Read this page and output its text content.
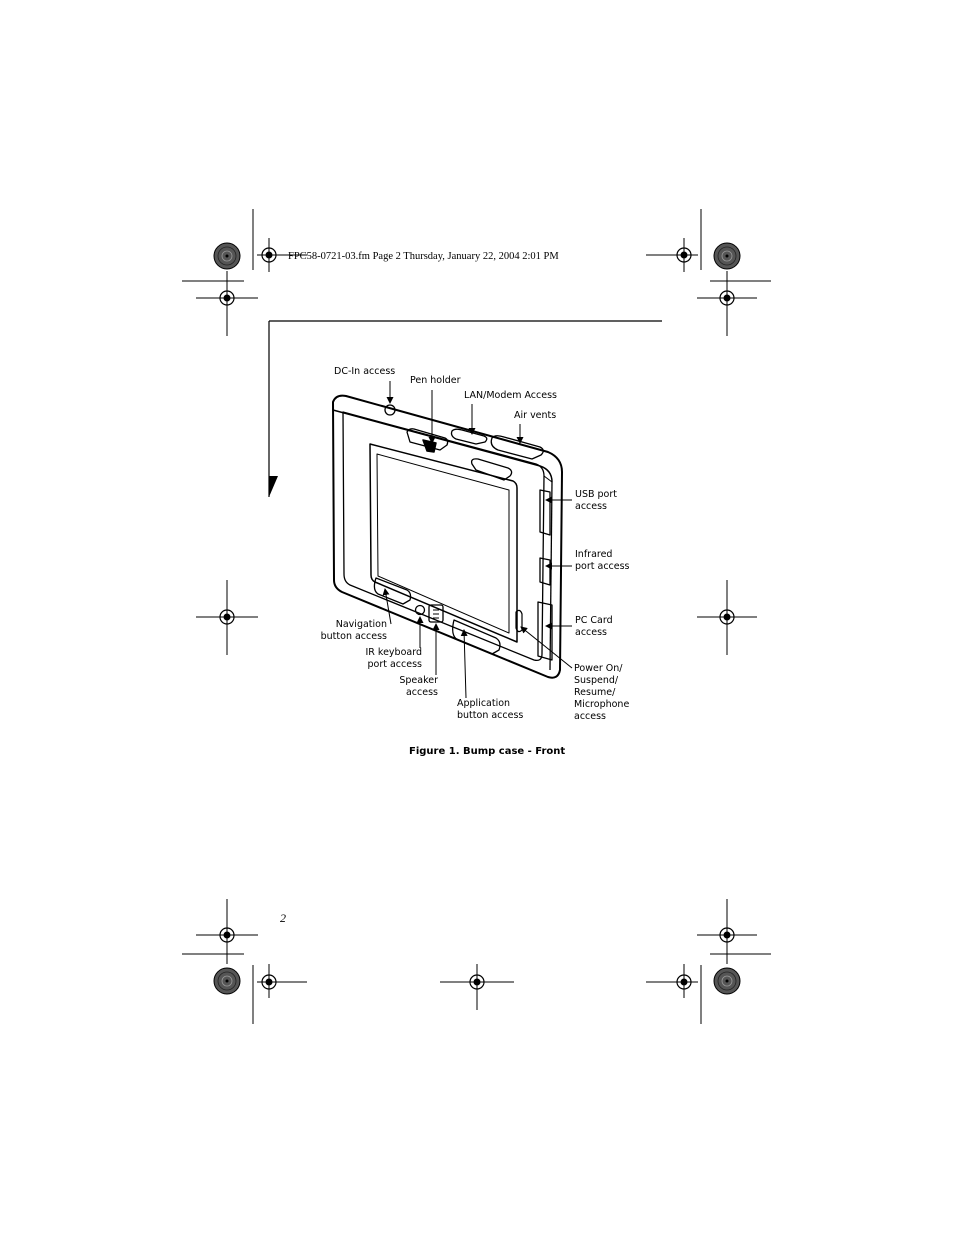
FPC58-0721-03.fm Page 2 Thursday, January 22, 2004 2:01 PM
DC-In access
Pen holder
LAN/Modem Access
Air vents
USB port
access
Infrared
port access
PC Card
access
Power On/
Suspend/
Resume/
Microphone
access
Navigation
button access
IR keyboard
port access
Speaker
access
Application
button access
Figure 1. Bump case - Front
2
